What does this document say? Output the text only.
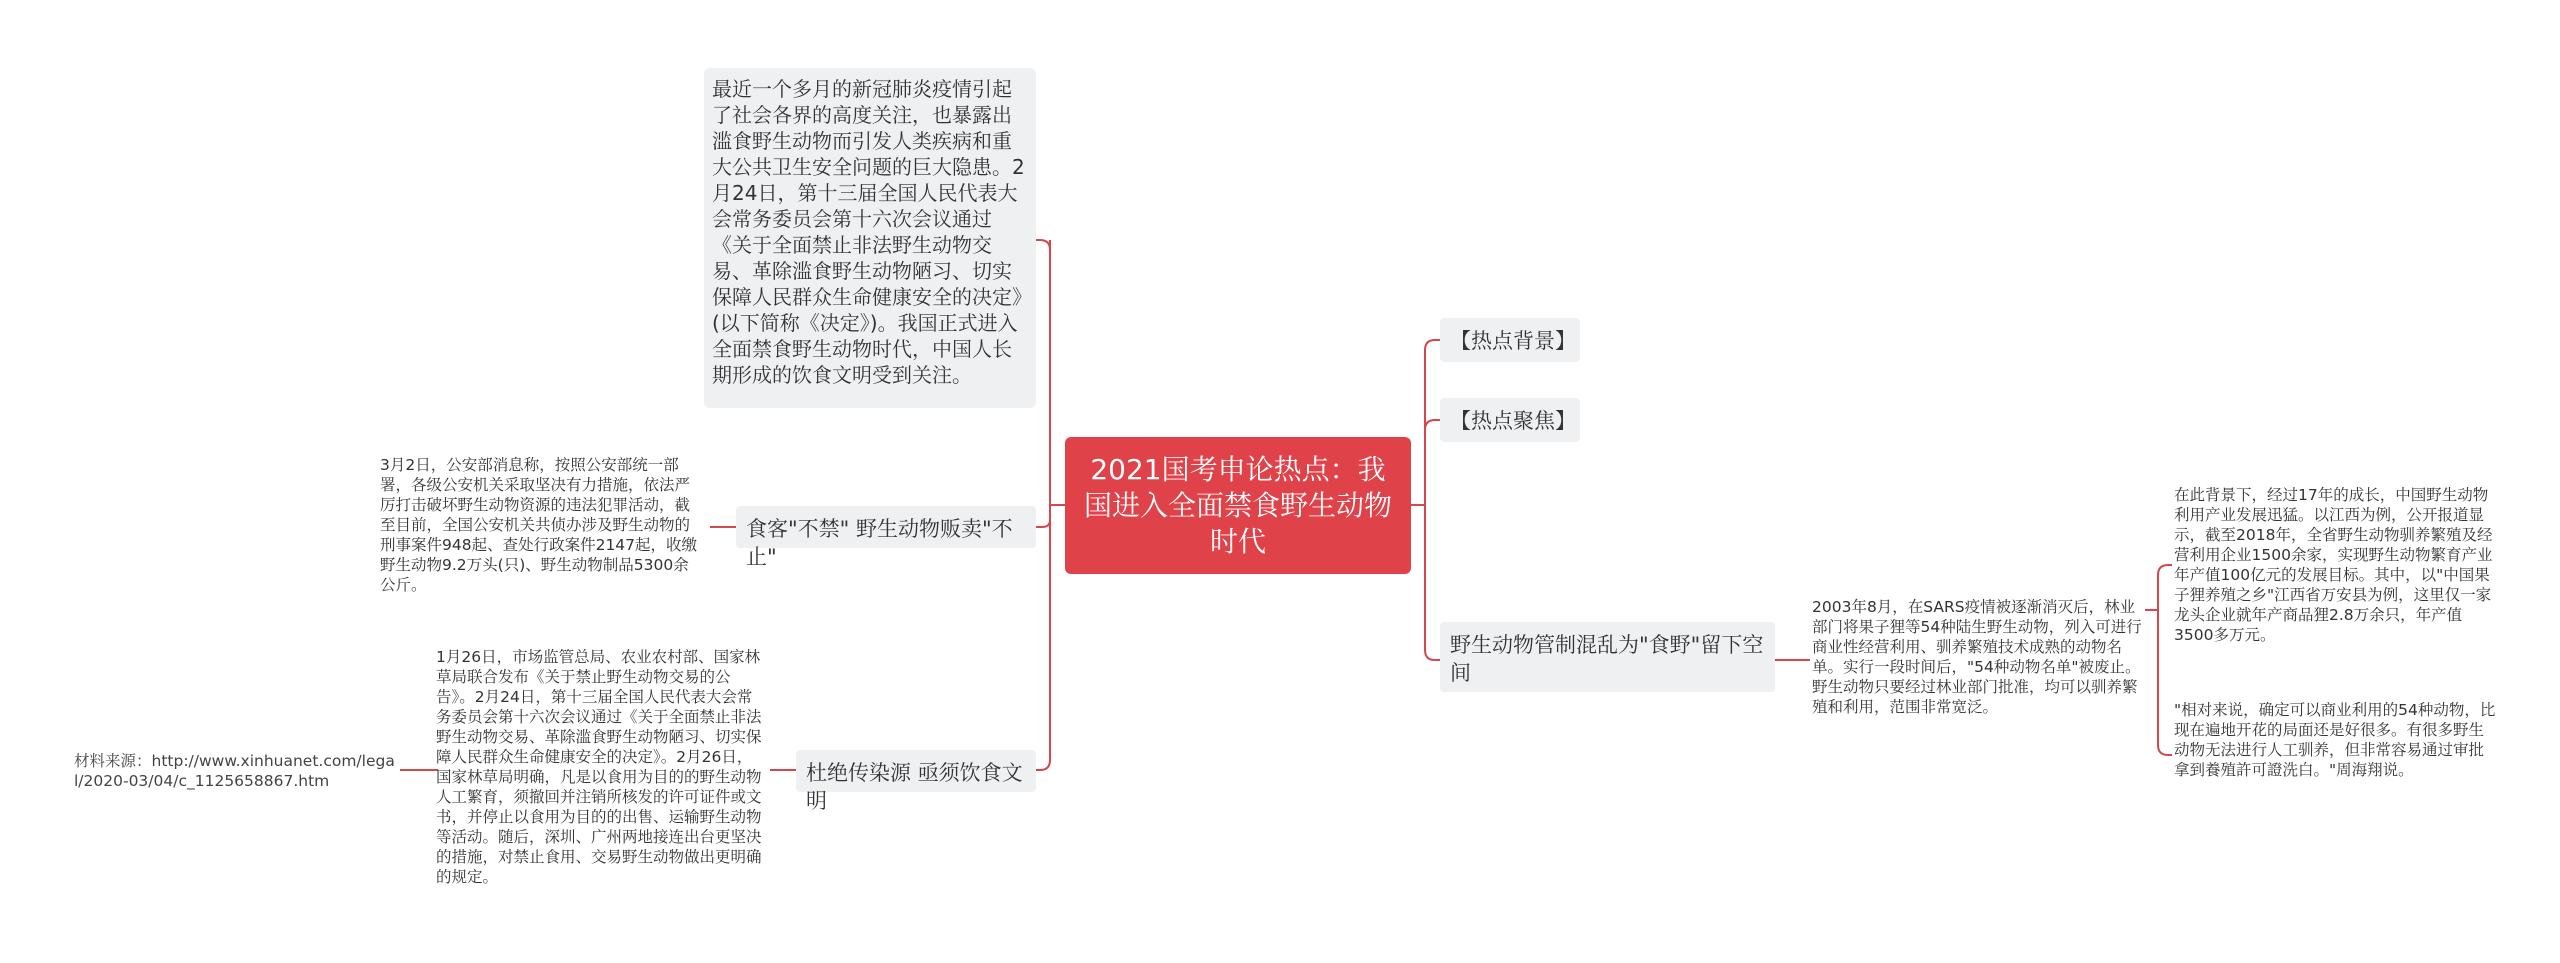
2021国考申论热点：我国进入全面禁食野生动物时代
最近一个多月的新冠肺炎疫情引起了社会各界的高度关注，也暴露出滥食野生动物而引发人类疾病和重大公共卫生安全问题的巨大隐患。2月24日，第十三届全国人民代表大会常务委员会第十六次会议通过《关于全面禁止非法野生动物交易、革除滥食野生动物陋习、切实保障人民群众生命健康安全的决定》(以下简称《决定》)。我国正式进入全面禁食野生动物时代，中国人长期形成的饮食文明受到关注。
食客"不禁" 野生动物贩卖"不止"
3月2日，公安部消息称，按照公安部统一部署，各级公安机关采取坚决有力措施，依法严厉打击破坏野生动物资源的违法犯罪活动，截至目前，全国公安机关共侦办涉及野生动物的刑事案件948起、查处行政案件2147起，收缴野生动物9.2万头(只)、野生动物制品5300余公斤。
杜绝传染源 亟须饮食文明
1月26日，市场监管总局、农业农村部、国家林草局联合发布《关于禁止野生动物交易的公告》。2月24日，第十三届全国人民代表大会常务委员会第十六次会议通过《关于全面禁止非法野生动物交易、革除滥食野生动物陋习、切实保障人民群众生命健康安全的决定》。2月26日，国家林草局明确，凡是以食用为目的的野生动物人工繁育，须撤回并注销所核发的许可证件或文书，并停止以食用为目的的出售、运输野生动物等活动。随后，深圳、广州两地接连出台更坚决的措施，对禁止食用、交易野生动物做出更明确的规定。
材料来源：http://www.xinhuanet.com/legal/2020-03/04/c_1125658867.htm
【热点背景】
【热点聚焦】
野生动物管制混乱为"食野"留下空间
2003年8月，在SARS疫情被逐渐消灭后，林业部门将果子狸等54种陆生野生动物，列入可进行商业性经营利用、驯养繁殖技术成熟的动物名单。实行一段时间后，"54种动物名单"被废止。野生动物只要经过林业部门批准，均可以驯养繁殖和利用，范围非常宽泛。
在此背景下，经过17年的成长，中国野生动物利用产业发展迅猛。以江西为例，公开报道显示，截至2018年，全省野生动物驯养繁殖及经营利用企业1500余家，实现野生动物繁育产业年产值100亿元的发展目标。其中，以"中国果子狸养殖之乡"江西省万安县为例，这里仅一家龙头企业就年产商品狸2.8万余只，年产值3500多万元。
"相对来说，确定可以商业利用的54种动物，比现在遍地开花的局面还是好很多。有很多野生动物无法进行人工驯养，但非常容易通过审批拿到養殖許可證洗白。"周海翔说。
